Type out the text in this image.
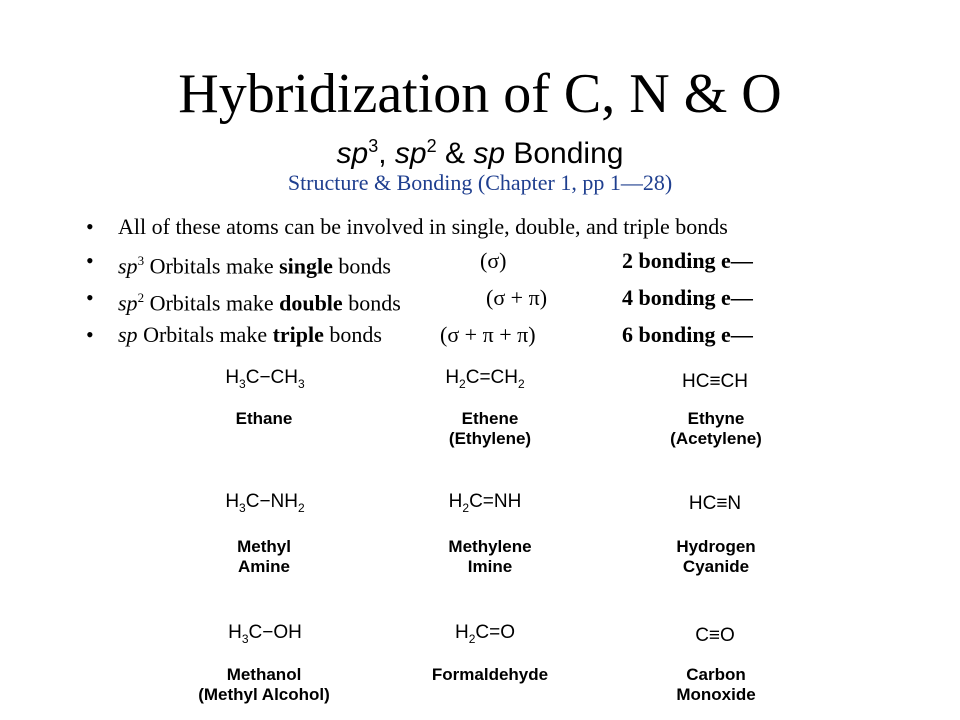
Hybridization of C, N & O
$sp^3$, $sp^2$ & sp Bonding
Structure & Bonding (Chapter 1, pp 1—28)
• All of these atoms can be involved in single, double, and triple bonds
• $sp^3$ Orbitals make single bonds	(σ)	2 bonding e—
• $sp^2$ Orbitals make double bonds	(σ + π)	4 bonding e—
• sp Orbitals make triple bonds	(σ + π + π)	6 bonding e—
$H_3C-CH_3$
Ethane
$H_2C=CH_2$
Ethene
(Ethylene)
HC≡CH
Ethyne
(Acetylene)
$H_3C-NH_2$
Methyl
Amine
$H_2C=NH$
Methylene
Imine
HC≡N
Hydrogen
Cyanide
$H_3C-OH$
Methanol
(Methyl Alcohol)
$H_2C=O$
Formaldehyde
C≡O
Carbon
Monoxide
